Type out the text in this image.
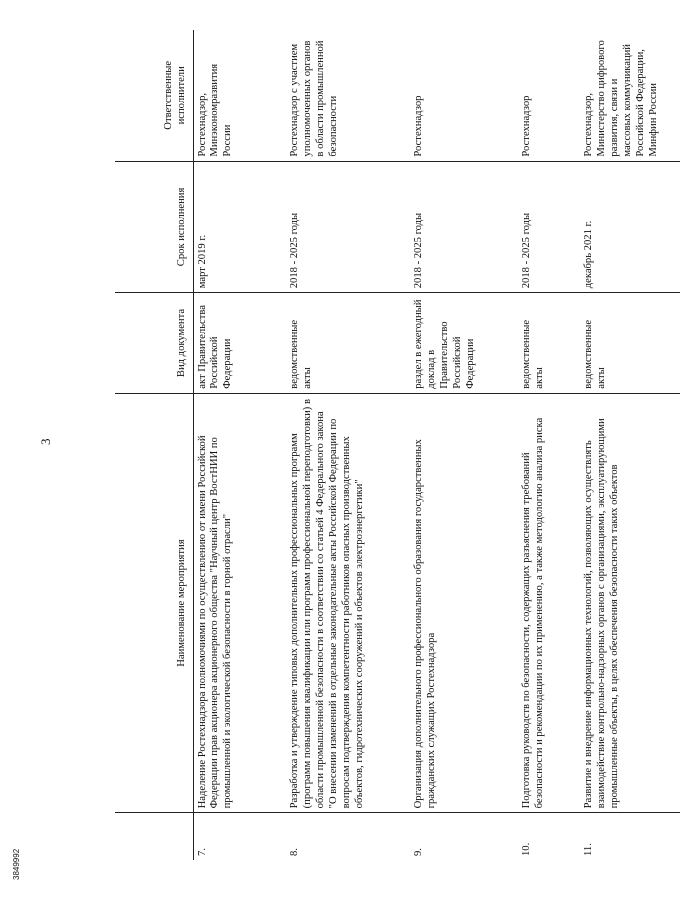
3
3849992
	Наименование мероприятия	Вид документа	Срок исполнения	Ответственные исполнители
7.	Наделение Ростехнадзора полномочиями по осуществлению от имени Российской Федерации прав акционера акционерного общества "Научный центр ВостНИИ по промышленной и экологической безопасности в горной отрасли"	акт Правительства Российской Федерации	март 2019 г.	Ростехнадзор, Минэкономразвития России
8.	Разработка и утверждение типовых дополнительных профессиональных программ (программ повышения квалификации или программ профессиональной переподготовки) в области промышленной безопасности в соответствии со статьей 4 Федерального закона "О внесении изменений в отдельные законодательные акты Российской Федерации по вопросам подтверждения компетентности работников опасных производственных объектов, гидротехнических сооружений и объектов электроэнергетики"	ведомственные акты	2018 - 2025 годы	Ростехнадзор с участием уполномоченных органов в области промышленной безопасности
9.	Организация дополнительного профессионального образования государственных гражданских служащих Ростехнадзора	раздел в ежегодный доклад в Правительство Российской Федерации	2018 - 2025 годы	Ростехнадзор
10.	Подготовка руководств по безопасности, содержащих разъяснения требований безопасности и рекомендации по их применению, а также методологию анализа риска	ведомственные акты	2018 - 2025 годы	Ростехнадзор
11.	Развитие и внедрение информационных технологий, позволяющих осуществлять взаимодействие контрольно-надзорных органов с организациями, эксплуатирующими промышленные объекты, в целях обеспечения безопасности таких объектов	ведомственные акты	декабрь 2021 г.	Ростехнадзор, Министерство цифрового развития, связи и массовых коммуникаций Российской Федерации, Минфин России
